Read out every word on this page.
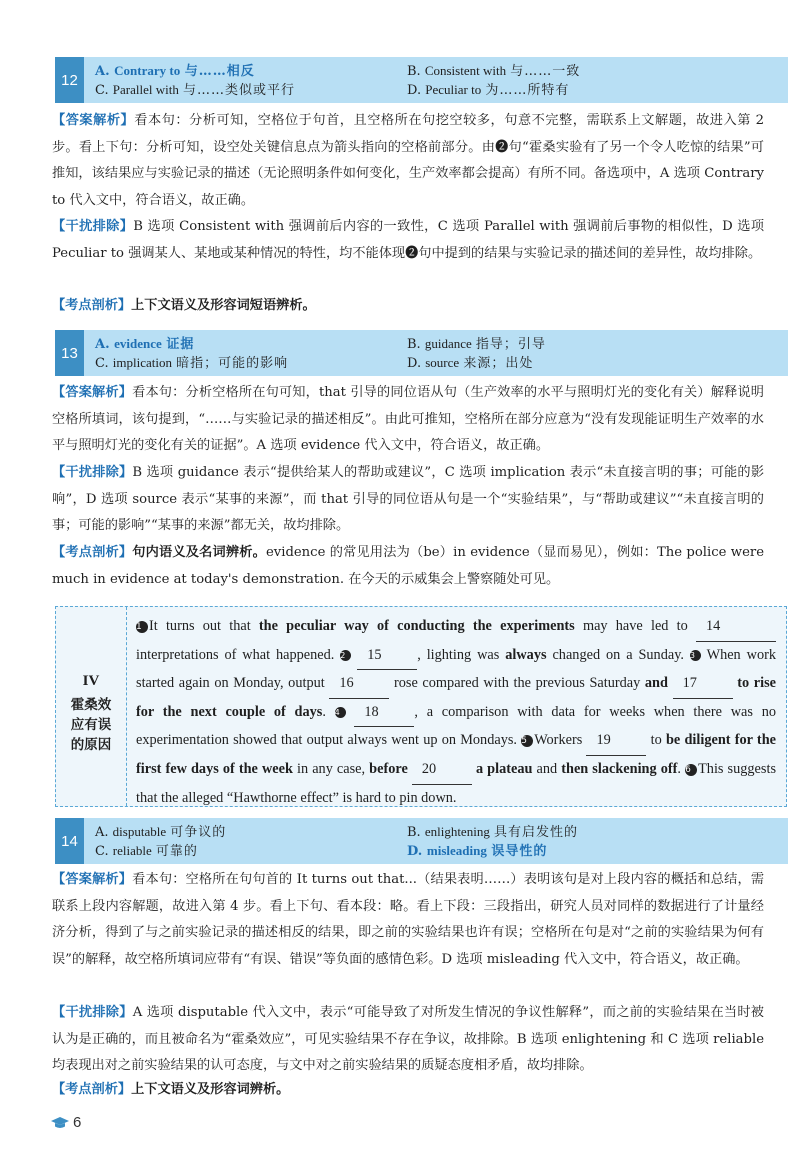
12	A. Contrary to 与……相反	B. Consistent with 与……一致
C. Parallel with 与……类似或平行	D. Peculiar to 为……所特有
【答案解析】看本句：分析可知，空格位于句首，且空格所在句挖空较多，句意不完整，需联系上文解题，故进入第 2 步。看上下句：分析可知，设空处关键信息点为箭头指向的空格前部分。由❷句“霍桑实验有了另一个令人吃惊的结果”可推知，该结果应与实验记录的描述（无论照明条件如何变化，生产效率都会提高）有所不同。备选项中，A 选项 Contrary to 代入文中，符合语义，故正确。
【干扰排除】B 选项 Consistent with 强调前后内容的一致性，C 选项 Parallel with 强调前后事物的相似性，D 选项 Peculiar to 强调某人、某地或某种情况的特性，均不能体现❷句中提到的结果与实验记录的描述间的差异性，故均排除。
【考点剖析】上下文语义及形容词短语辨析。
13	A. evidence 证据	B. guidance 指导；引导
C. implication 暗指；可能的影响	D. source 来源；出处
【答案解析】看本句：分析空格所在句可知，that 引导的同位语从句（生产效率的水平与照明灯光的变化有关）解释说明空格所填词，该句提到，“……与实验记录的描述相反”。由此可推知，空格所在部分应意为“没有发现能证明生产效率的水平与照明灯光的变化有关的证据”。A 选项 evidence 代入文中，符合语义，故正确。
【干扰排除】B 选项 guidance 表示“提供给某人的帮助或建议”，C 选项 implication 表示“未直接言明的事；可能的影响”，D 选项 source 表示“某事的来源”，而 that 引导的同位语从句是一个“实验结果”，与“帮助或建议”“未直接言明的事；可能的影响”“某事的来源”都无关，故均排除。
【考点剖析】句内语义及名词辨析。evidence 的常见用法为（be）in evidence（显而易见），例如：The police were much in evidence at today's demonstration. 在今天的示威集会上警察随处可见。
IV
霍桑效
应有误
的原因
1 It turns out that the peculiar way of conducting the experiments may have led to 14 interpretations of what happened. 2 15 , lighting was always changed on a Sunday. 3 When work started again on Monday, output 16 rose compared with the previous Saturday and 17	to rise for the next couple of days. 4 18 , a comparison with data for weeks when there was no experimentation showed that output always went up on Mondays. 5 Workers 19 to be diligent for the first few days of the week in any case, before 20	a plateau and then slackening off. 6 This suggests that the alleged “Hawthorne effect” is hard to pin down.
14	A. disputable 可争议的	B. enlightening 具有启发性的
C. reliable 可靠的	D. misleading 误导性的
【答案解析】看本句：空格所在句句首的 It turns out that...（结果表明……）表明该句是对上段内容的概括和总结，需联系上段内容解题，故进入第 4 步。看上下句、看本段：略。看上下段：三段指出，研究人员对同样的数据进行了计量经济分析，得到了与之前实验记录的描述相反的结果，即之前的实验结果也许有误；空格所在句是对“之前的实验结果为何有误”的解释，故空格所填词应带有“有误、错误”等负面的感情色彩。D 选项 misleading 代入文中，符合语义，故正确。
【干扰排除】A 选项 disputable 代入文中，表示“可能导致了对所发生情况的争议性解释”，而之前的实验结果在当时被认为是正确的，而且被命名为“霍桑效应”，可见实验结果不存在争议，故排除。B 选项 enlightening 和 C 选项 reliable 均表现出对之前实验结果的认可态度，与文中对之前实验结果的质疑态度相矛盾，故均排除。
【考点剖析】上下文语义及形容词辨析。
6
